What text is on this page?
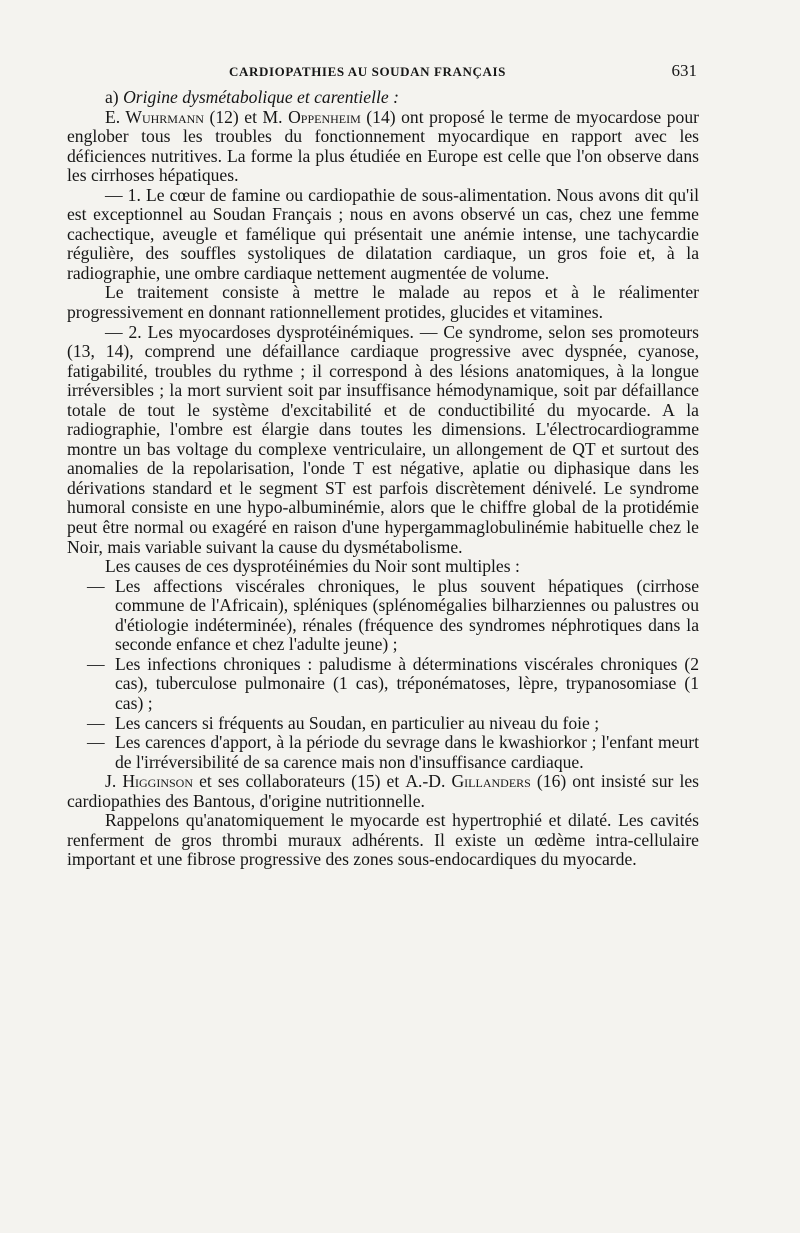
CARDIOPATHIES AU SOUDAN FRANÇAIS	631

a) Origine dysmétabolique et carentielle :

E. Wuhrmann (12) et M. Oppenheim (14) ont proposé le terme de myocardose pour englober tous les troubles du fonctionnement myocardique en rapport avec les déficiences nutritives. La forme la plus étudiée en Europe est celle que l'on observe dans les cirrhoses hépatiques.

— 1. Le cœur de famine ou cardiopathie de sous-alimentation. Nous avons dit qu'il est exceptionnel au Soudan Français ; nous en avons observé un cas, chez une femme cachectique, aveugle et famélique qui présentait une anémie intense, une tachycardie régulière, des souffles systoliques de dilatation cardiaque, un gros foie et, à la radiographie, une ombre cardiaque nettement augmentée de volume.

Le traitement consiste à mettre le malade au repos et à le réalimenter progressivement en donnant rationnellement protides, glucides et vitamines.

— 2. Les myocardoses dysprotéinémiques. — Ce syndrome, selon ses promoteurs (13, 14), comprend une défaillance cardiaque progressive avec dyspnée, cyanose, fatigabilité, troubles du rythme ; il correspond à des lésions anatomiques, à la longue irréversibles ; la mort survient soit par insuffisance hémodynamique, soit par défaillance totale de tout le système d'excitabilité et de conductibilité du myocarde. A la radiographie, l'ombre est élargie dans toutes les dimensions. L'électrocardiogramme montre un bas voltage du complexe ventriculaire, un allongement de QT et surtout des anomalies de la repolarisation, l'onde T est négative, aplatie ou diphasique dans les dérivations standard et le segment ST est parfois discrètement dénivelé. Le syndrome humoral consiste en une hypo-albuminémie, alors que le chiffre global de la protidémie peut être normal ou exagéré en raison d'une hypergammaglobulinémie habituelle chez le Noir, mais variable suivant la cause du dysmétabolisme.

Les causes de ces dysprotéinémies du Noir sont multiples :

— Les affections viscérales chroniques, le plus souvent hépatiques (cirrhose commune de l'Africain), spléniques (splénomégalies bilharziennes ou palustres ou d'étiologie indéterminée), rénales (fréquence des syndromes néphrotiques dans la seconde enfance et chez l'adulte jeune) ;

— Les infections chroniques : paludisme à déterminations viscérales chroniques (2 cas), tuberculose pulmonaire (1 cas), tréponématoses, lèpre, trypanosomiase (1 cas) ;

— Les cancers si fréquents au Soudan, en particulier au niveau du foie ;

— Les carences d'apport, à la période du sevrage dans le kwashiorkor ; l'enfant meurt de l'irréversibilité de sa carence mais non d'insuffisance cardiaque.

J. Higginson et ses collaborateurs (15) et A.-D. Gillanders (16) ont insisté sur les cardiopathies des Bantous, d'origine nutritionnelle.

Rappelons qu'anatomiquement le myocarde est hypertrophié et dilaté. Les cavités renferment de gros thrombi muraux adhérents. Il existe un œdème intra-cellulaire important et une fibrose progressive des zones sous-endocardiques du myocarde.
